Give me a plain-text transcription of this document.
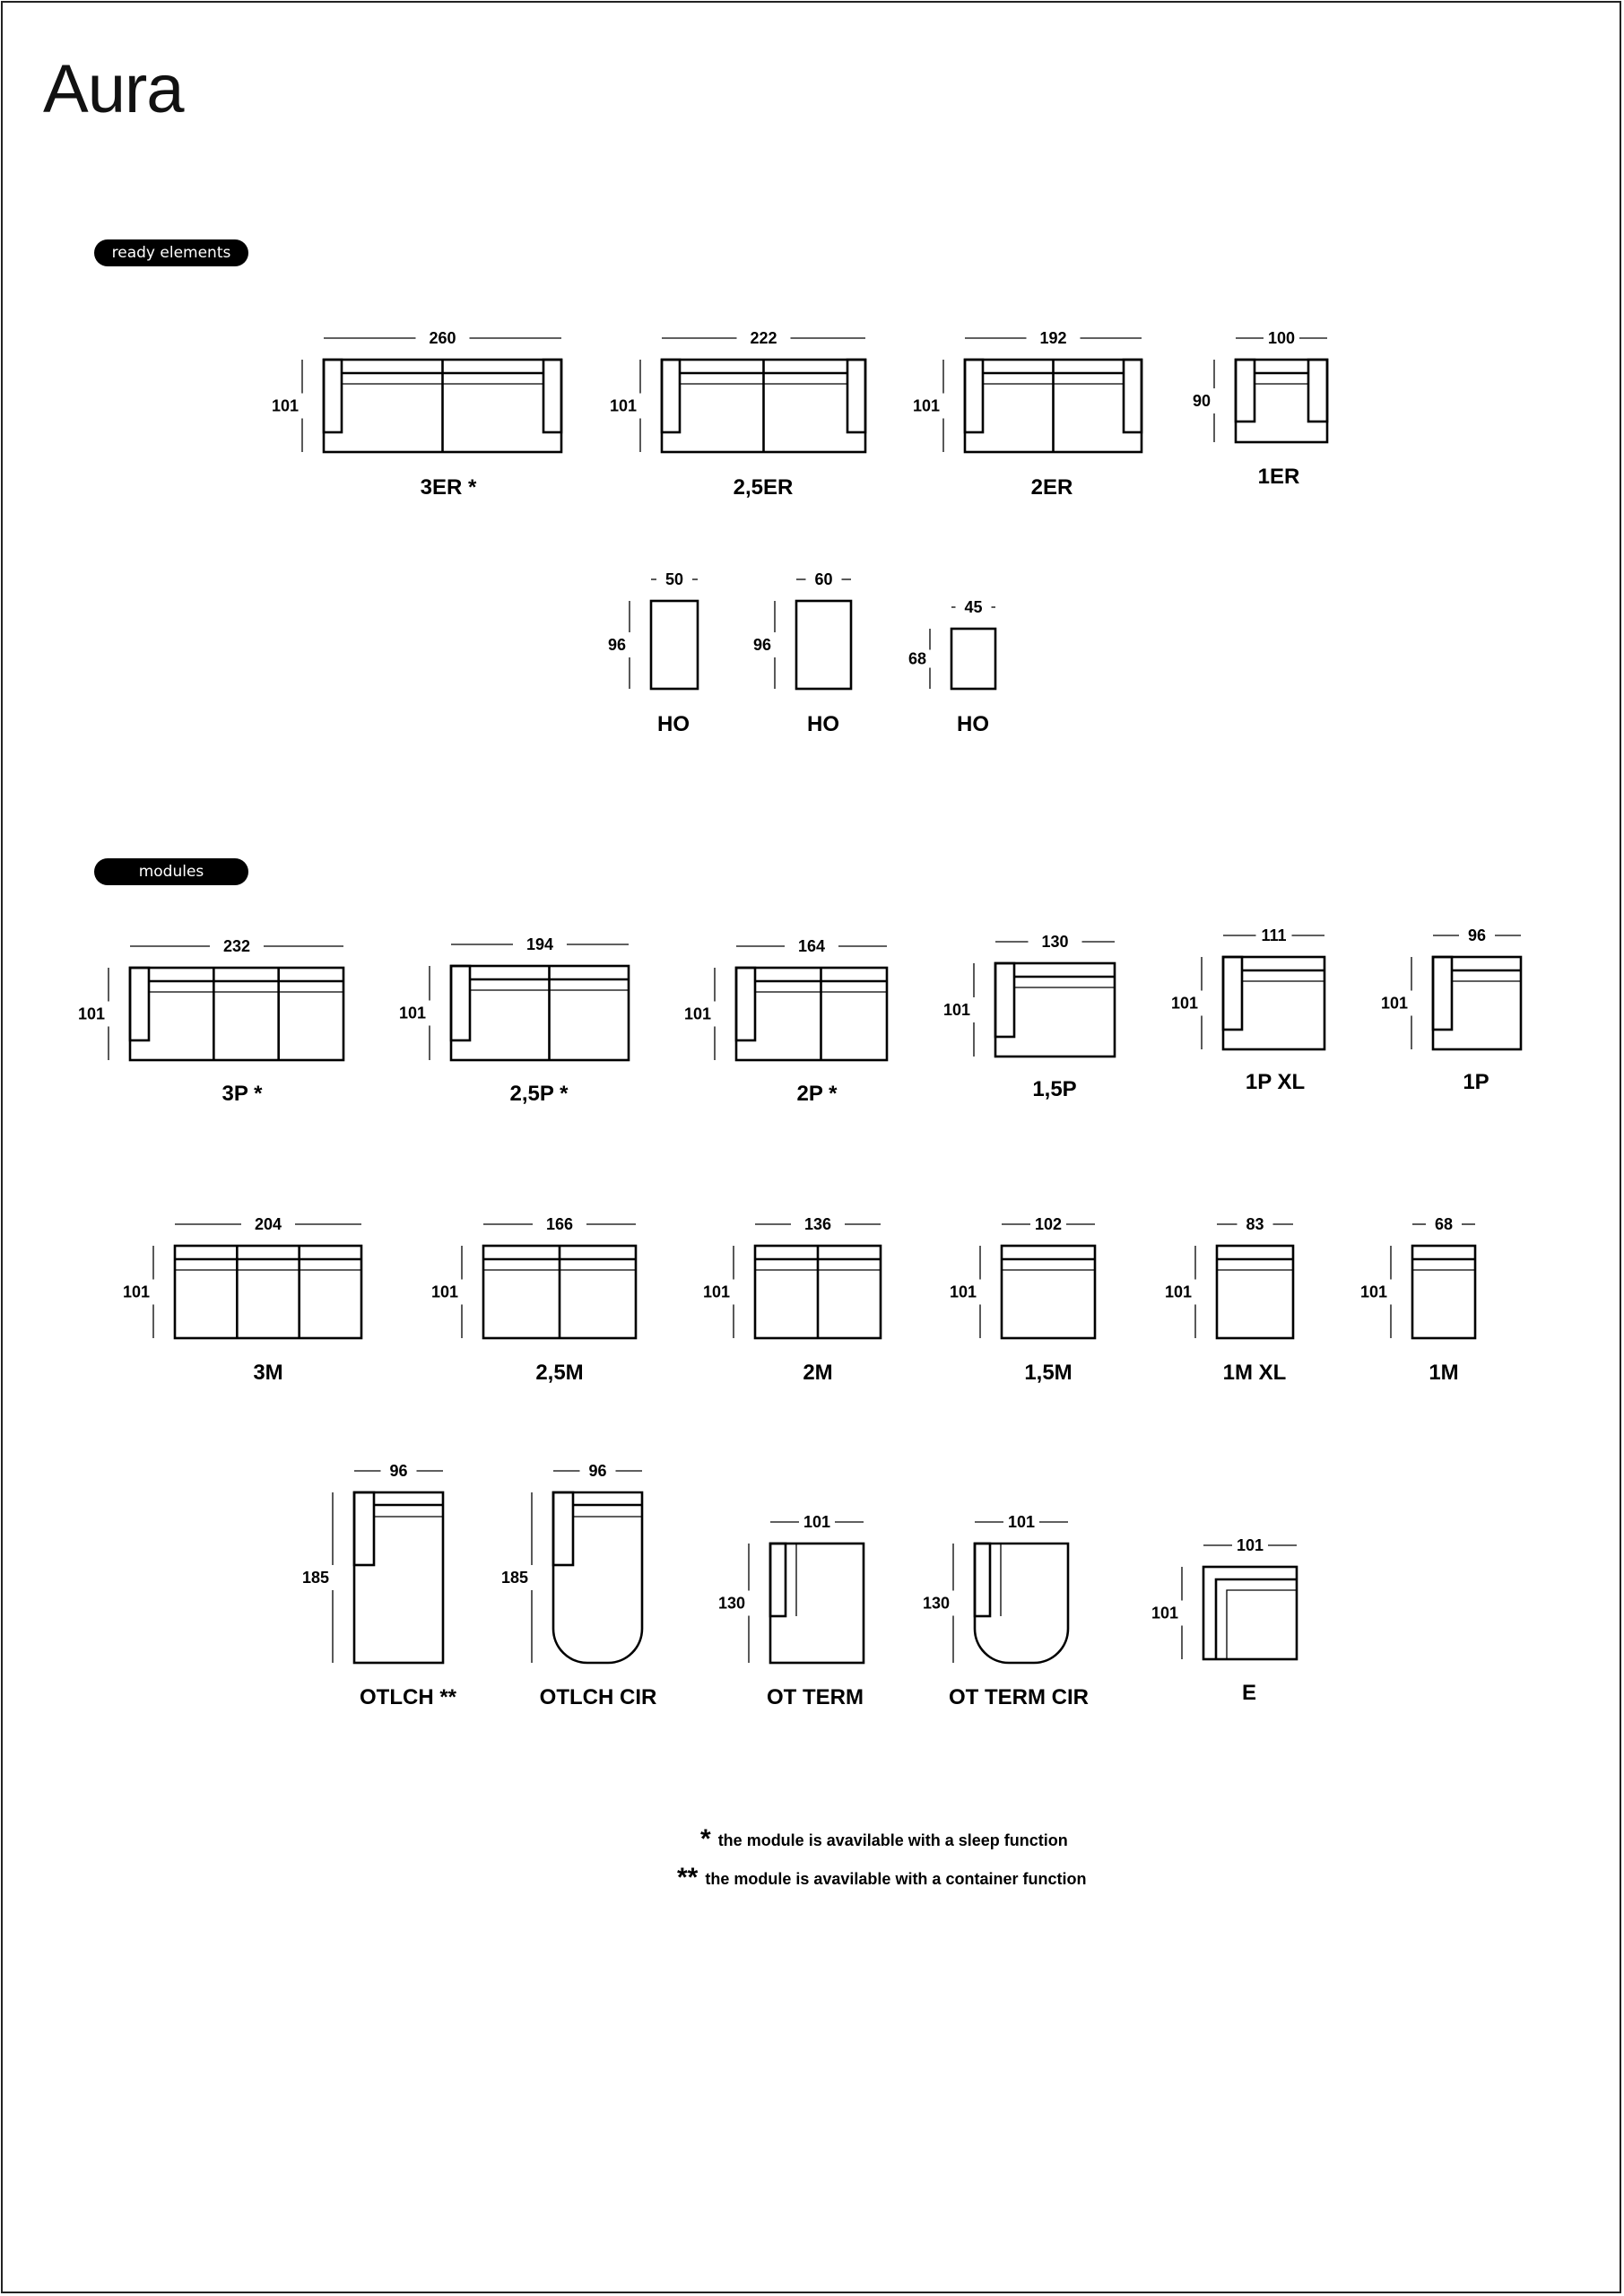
Aura
ready elements
modules
260
101
3ER *
222
101
2,5ER
192
101
2ER
100
90
1ER
50
96
HO
60
96
HO
45
68
HO
232
101
3P *
194
101
2,5P *
164
101
2P *
130
101
1,5P
111
101
1P XL
96
101
1P
204
101
3M
166
101
2,5M
136
101
2M
102
101
1,5M
83
101
1M XL
68
101
1M
96
185
OTLCH **
96
185
OTLCH CIR
101
130
OT TERM
101
130
OT TERM CIR
101
101
E
* the module is avavilable with a sleep function
** the module is avavilable with a container function
